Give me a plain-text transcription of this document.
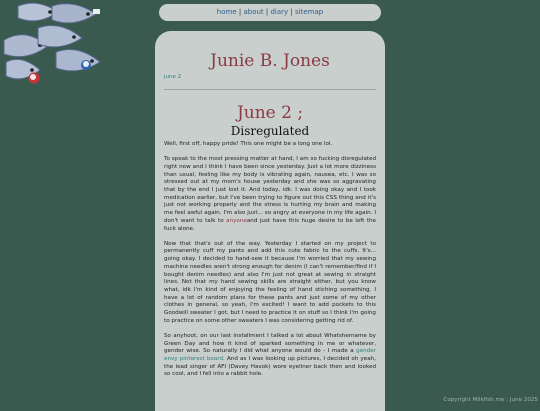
home | about | diary | sitemap
Junie B. Jones
june 2
June 2 ;
Disregulated

Well, first off, happy pride! This one might be a long one lol.

To speak to the most pressing matter at hand, I am so fucking disregulated right now and I think I have been since yesterday. Just a lot more dizziness than usual, feeling like my body is vibrating again, nausea, etc. I was so stressed out at my mom's house yesterday and she was so aggravating that by the end I just lost it. And today, idk. I was doing okay and I took medication earlier, but I've been trying to figure out this CSS thing and it's just not working properly and the stress is hurting my brain and making me feel awful again. I'm also just... so angry at everyone in my life again. I don't want to talk to anyoneand just have this huge desire to be left the fuck alone.

Now that that's out of the way. Yesterday I started on my project to permanently cuff my pants and add this cute fabric to the cuffs. It's... going okay. I decided to hand-sew it because I'm worried that my sewing machine needles aren't strong enough for denim (I can't remember/find if I bought denim needles) and also I'm just not great at sewing in straight lines. Not that my hand sewing skills are straight either, but you know what, idk I'm kind of enjoying the feeling of hand stiching something. I have a lot of random plans for these pants and just some of my other clothes in general, so yeah, I'm excited! I want to add pockets to this Goodwill sweater I got, but I need to practice it on stuff so I think I'm going to practice on some other sweaters I was considering getting rid of.

So anyhoot, on our last installment I talked a lot about Whatshername by Green Day and how it kind of sparked something in me or whatever, gender wise. So naturally I did what anyone would do - I made a gender envy pinterest board. And as I was looking up pictures, I decided oh yeah, the lead singer of AFI (Davey Havok) wore eyeliner back then and looked so cool, and I fell into a rabbit hole.

Copyright Milkfish.me : June 2025
